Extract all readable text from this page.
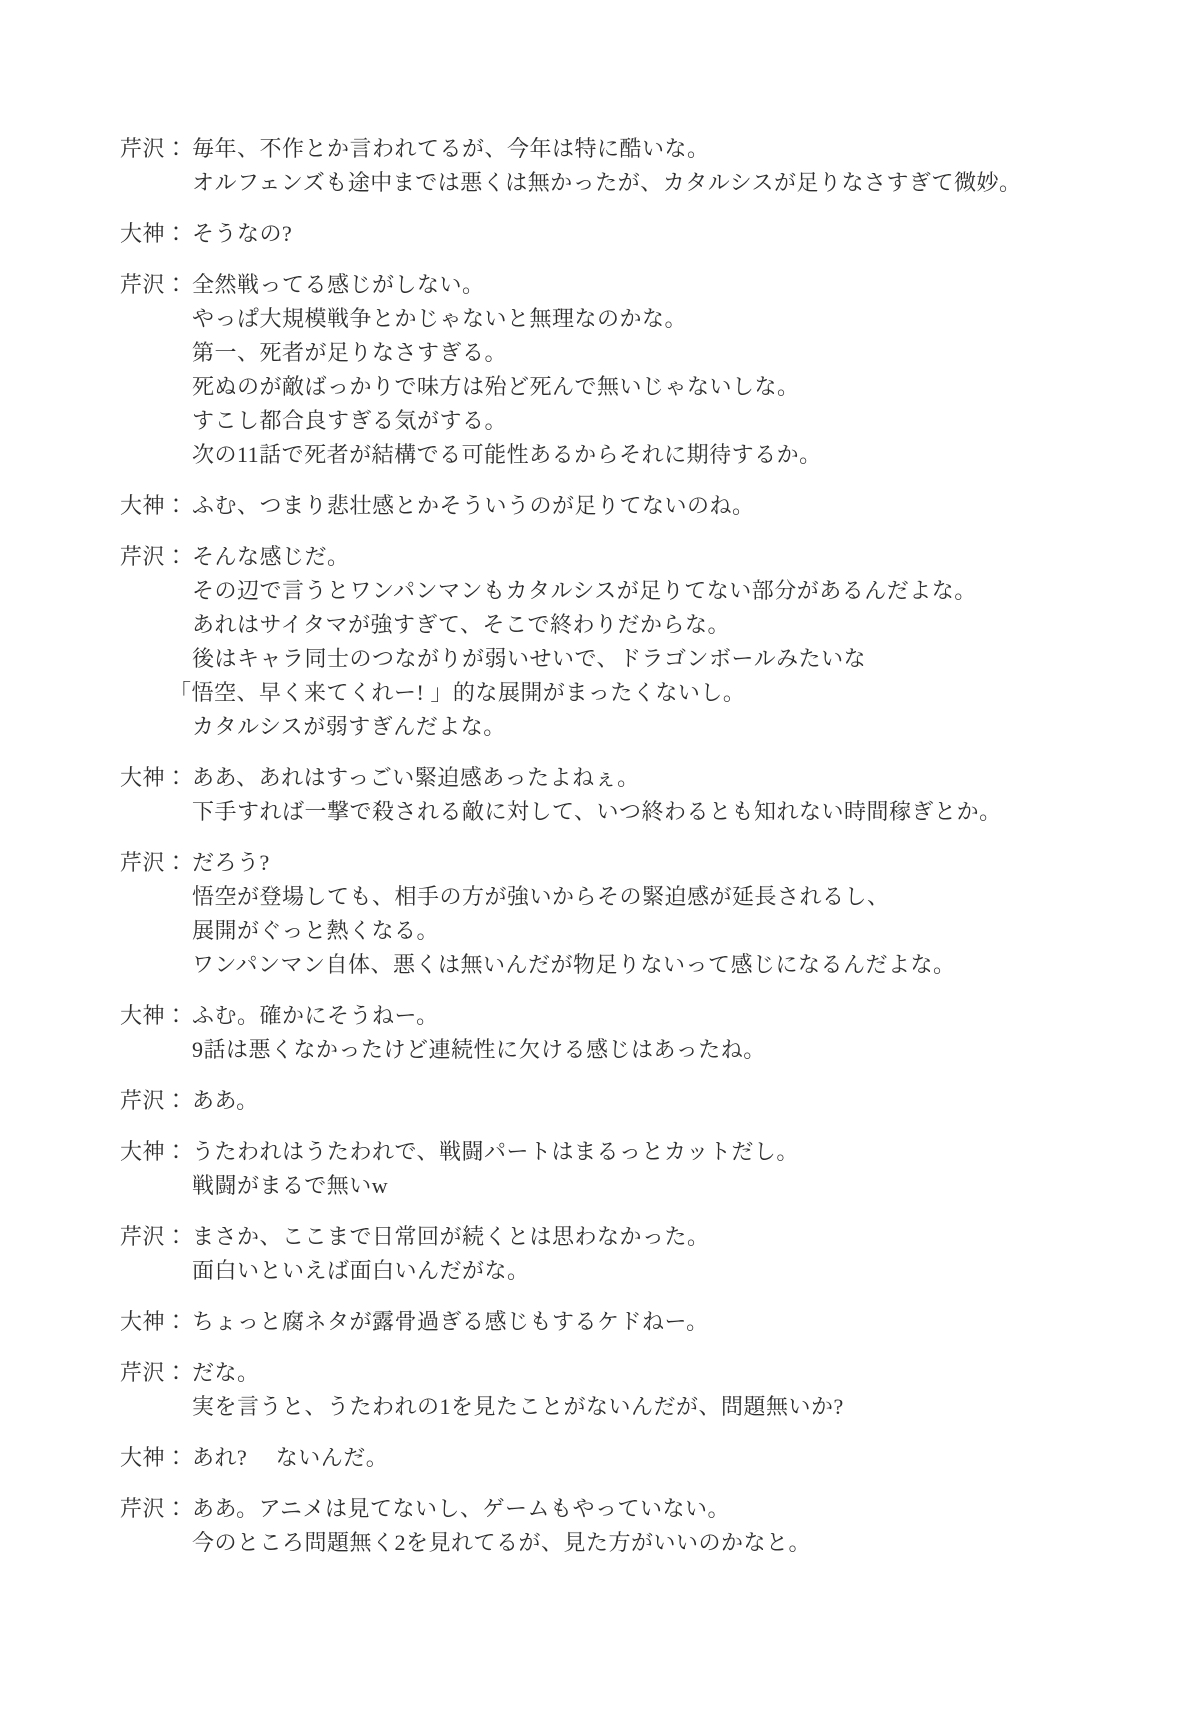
芹沢： 毎年、不作とか言われてるが、今年は特に酷いな。
オルフェンズも途中までは悪くは無かったが、カタルシスが足りなさすぎて微妙。
大神： そうなの?
芹沢： 全然戦ってる感じがしない。
やっぱ大規模戦争とかじゃないと無理なのかな。
第一、死者が足りなさすぎる。
死ぬのが敵ばっかりで味方は殆ど死んで無いじゃないしな。
すこし都合良すぎる気がする。
次の11話で死者が結構でる可能性あるからそれに期待するか。
大神： ふむ、つまり悲壮感とかそういうのが足りてないのね。
芹沢： そんな感じだ。
その辺で言うとワンパンマンもカタルシスが足りてない部分があるんだよな。
あれはサイタマが強すぎて、そこで終わりだからな。
後はキャラ同士のつながりが弱いせいで、ドラゴンボールみたいな
「悟空、早く来てくれー! 」的な展開がまったくないし。
カタルシスが弱すぎんだよな。
大神： ああ、あれはすっごい緊迫感あったよねぇ。
下手すれば一撃で殺される敵に対して、いつ終わるとも知れない時間稼ぎとか。
芹沢： だろう?
悟空が登場しても、相手の方が強いからその緊迫感が延長されるし、
展開がぐっと熱くなる。
ワンパンマン自体、悪くは無いんだが物足りないって感じになるんだよな。
大神： ふむ。確かにそうねー。
9話は悪くなかったけど連続性に欠ける感じはあったね。
芹沢： ああ。
大神： うたわれはうたわれで、戦闘パートはまるっとカットだし。
戦闘がまるで無いw
芹沢： まさか、ここまで日常回が続くとは思わなかった。
面白いといえば面白いんだがな。
大神： ちょっと腐ネタが露骨過ぎる感じもするケドねー。
芹沢： だな。
実を言うと、うたわれの1を見たことがないんだが、問題無いか?
大神： あれ?　 ないんだ。
芹沢： ああ。アニメは見てないし、ゲームもやっていない。
今のところ問題無く2を見れてるが、見た方がいいのかなと。
